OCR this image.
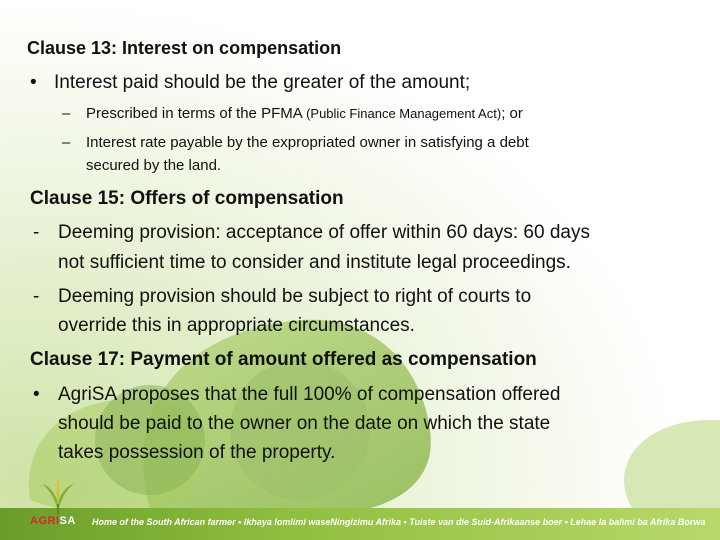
Clause 13: Interest on compensation
• Interest paid should be the greater of the amount;
– Prescribed in terms of the PFMA (Public Finance Management Act); or
– Interest rate payable by the expropriated owner in satisfying a debt
secured by the land.
Clause 15: Offers of compensation
- Deeming provision: acceptance of offer within 60 days: 60 days
not sufficient time to consider and institute legal proceedings.
- Deeming provision should be subject to right of courts to
override this in appropriate circumstances.
Clause 17: Payment of amount offered as compensation
• AgriSA proposes that the full 100% of compensation offered
should be paid to the owner on the date on which the state
takes possession of the property.
Home of the South African farmer • Ikhaya lomlimi waseNingizimu Afrika • Tuiste van die Suid-Afrikaanse boer • Lehae la balimi ba Afrika Borwa
AGRISA
